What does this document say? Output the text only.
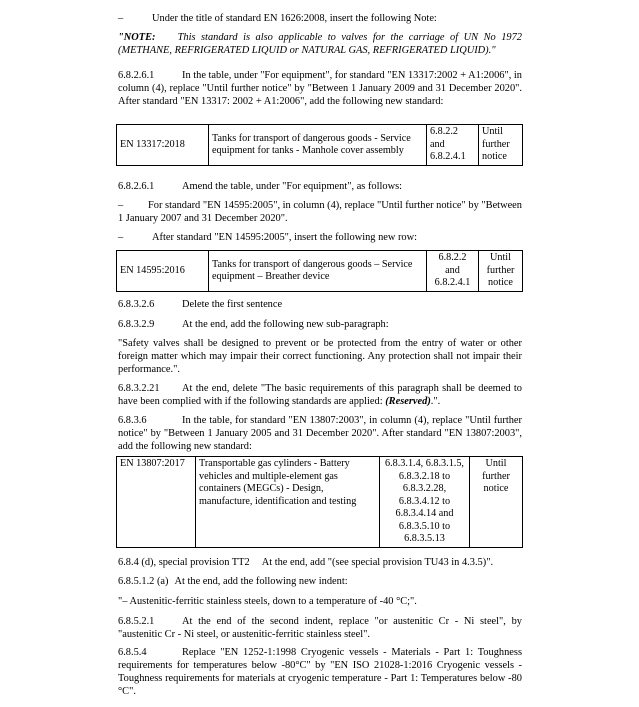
–	Under the title of standard EN 1626:2008, insert the following Note:

"NOTE: This standard is also applicable to valves for the carriage of UN No 1972 (METHANE, REFRIGERATED LIQUID or NATURAL GAS, REFRIGERATED LIQUID)."

6.8.2.6.1	In the table, under "For equipment", for standard "EN 13317:2002 + A1:2006", in column (4), replace "Until further notice" by "Between 1 January 2009 and 31 December 2020". After standard "EN 13317: 2002 + A1:2006", add the following new standard:

EN 13317:2018	Tanks for transport of dangerous goods - Service equipment for tanks - Manhole cover assembly	6.8.2.2 and 6.8.2.4.1	Until further notice

6.8.2.6.1	Amend the table, under "For equipment", as follows:

– For standard "EN 14595:2005", in column (4), replace "Until further notice" by "Between 1 January 2007 and 31 December 2020".

–	After standard "EN 14595:2005", insert the following new row:

EN 14595:2016	Tanks for transport of dangerous goods – Service equipment – Breather device	6.8.2.2 and 6.8.2.4.1	Until further notice

6.8.3.2.6	Delete the first sentence

6.8.3.2.9	At the end, add the following new sub-paragraph:

"Safety valves shall be designed to prevent or be protected from the entry of water or other foreign matter which may impair their correct functioning. Any protection shall not impair their performance.".

6.8.3.2.21 At the end, delete "The basic requirements of this paragraph shall be deemed to have been complied with if the following standards are applied: (Reserved).".

6.8.3.6	In the table, for standard "EN 13807:2003", in column (4), replace "Until further notice" by "Between 1 January 2005 and 31 December 2020". After standard "EN 13807:2003", add the following new standard:

EN 13807:2017	Transportable gas cylinders - Battery vehicles and multiple-element gas containers (MEGCs) - Design, manufacture, identification and testing	6.8.3.1.4, 6.8.3.1.5, 6.8.3.2.18 to 6.8.3.2.28, 6.8.3.4.12 to 6.8.3.4.14 and 6.8.3.5.10 to 6.8.3.5.13	Until further notice

6.8.4 (d), special provision TT2 At the end, add "(see special provision TU43 in 4.3.5)".

6.8.5.1.2 (a) At the end, add the following new indent:

"– Austenitic-ferritic stainless steels, down to a temperature of -40 °C;".

6.8.5.2.1	At the end of the second indent, replace "or austenitic Cr - Ni steel", by "austenitic Cr - Ni steel, or austenitic-ferritic stainless steel".

6.8.5.4	Replace "EN 1252-1:1998 Cryogenic vessels - Materials - Part 1: Toughness requirements for temperatures below -80°C" by "EN ISO 21028-1:2016 Cryogenic vessels - Toughness requirements for materials at cryogenic temperature - Part 1: Temperatures below -80 °C".
